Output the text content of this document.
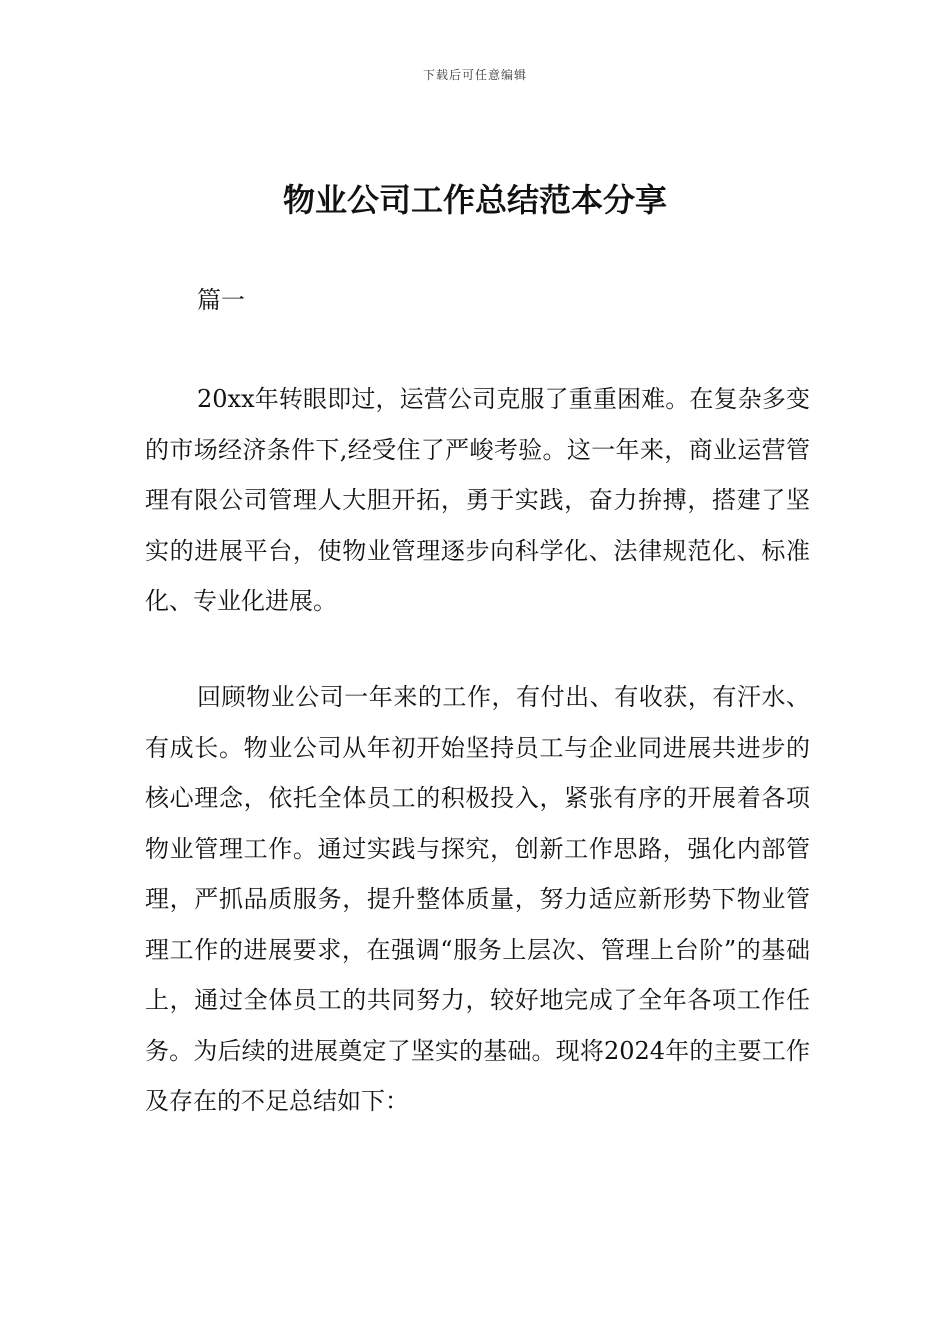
下载后可任意编辑
物业公司工作总结范本分享
篇一

20xx年转眼即过，运营公司克服了重重困难。在复杂多变的市场经济条件下,经受住了严峻考验。这一年来，商业运营管理有限公司管理人大胆开拓，勇于实践，奋力拚搏，搭建了坚实的进展平台，使物业管理逐步向科学化、法律规范化、标准化、专业化进展。

回顾物业公司一年来的工作，有付出、有收获，有汗水、有成长。物业公司从年初开始坚持员工与企业同进展共进步的核心理念，依托全体员工的积极投入，紧张有序的开展着各项物业管理工作。通过实践与探究，创新工作思路，强化内部管理，严抓品质服务，提升整体质量，努力适应新形势下物业管理工作的进展要求，在强调“服务上层次、管理上台阶”的基础上，通过全体员工的共同努力，较好地完成了全年各项工作任务。为后续的进展奠定了坚实的基础。现将2024年的主要工作及存在的不足总结如下：
